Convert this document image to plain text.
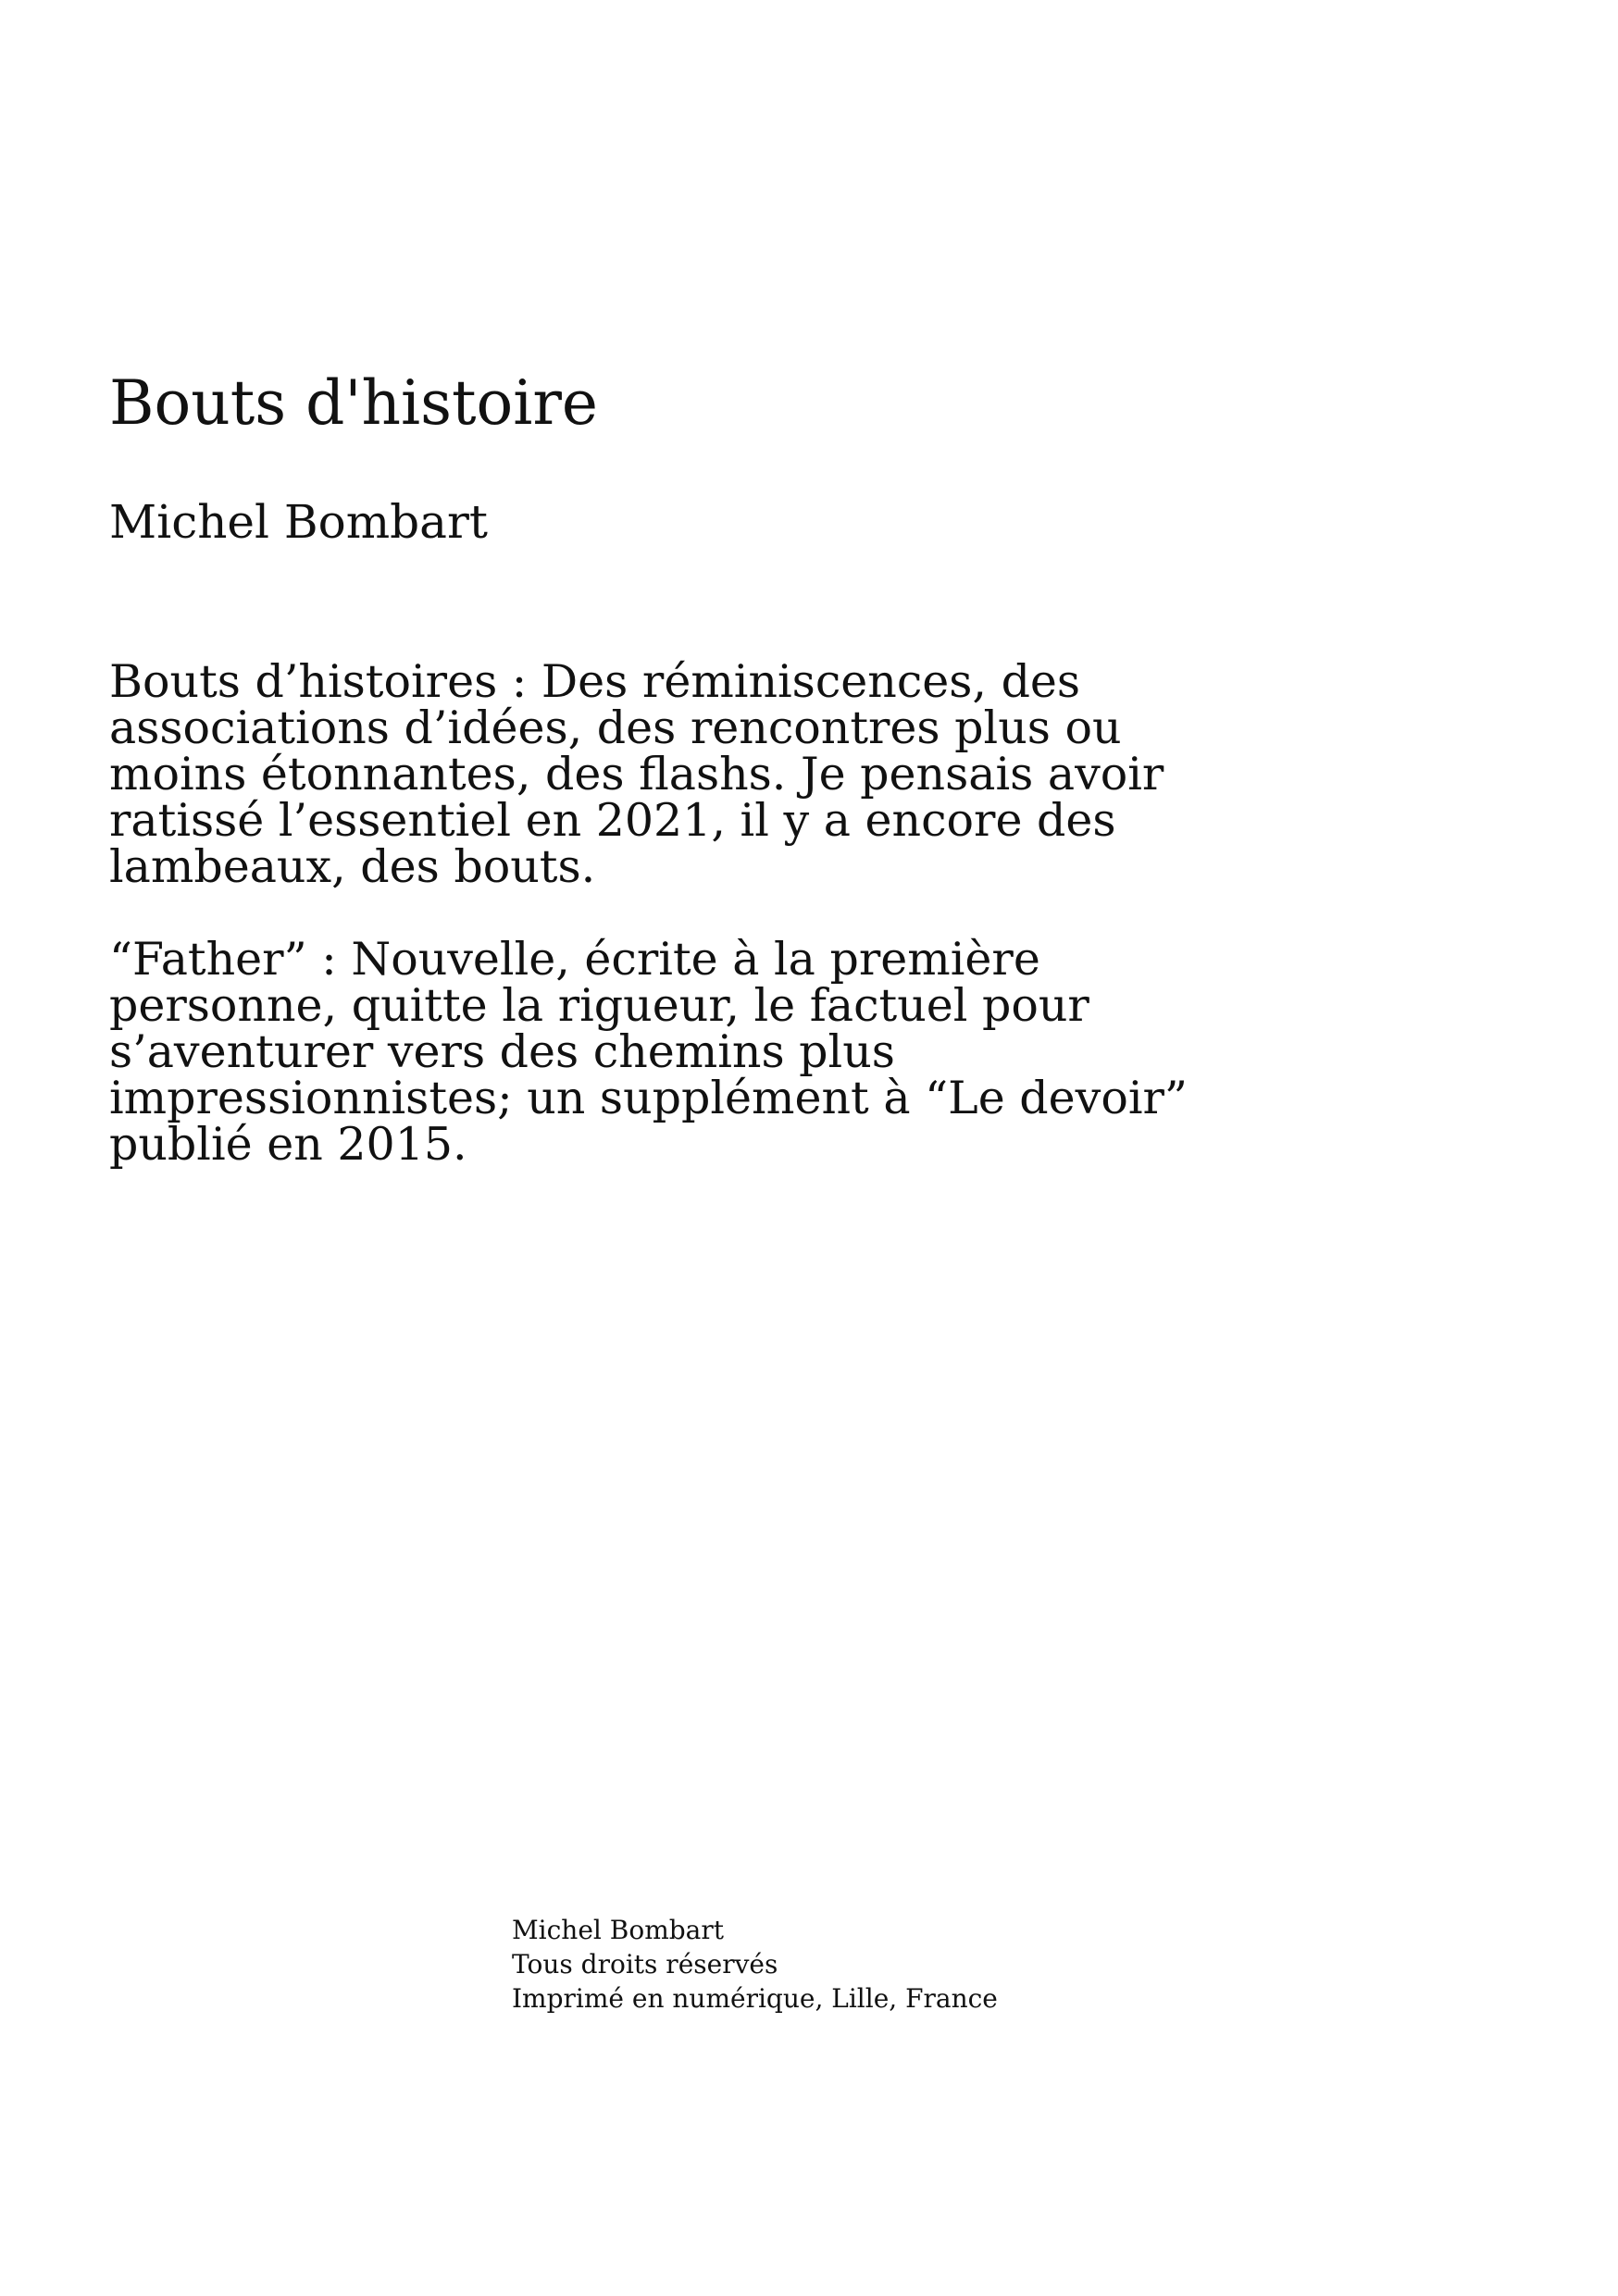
Bouts d'histoire
Michel Bombart

Bouts d’histoires : Des réminiscences, des associations d’idées, des rencontres plus ou moins étonnantes, des flashs. Je pensais avoir ratissé l’essentiel en 2021, il y a encore des lambeaux, des bouts.

“Father” : Nouvelle, écrite à la première personne, quitte la rigueur, le factuel pour s’aventurer vers des chemins plus impressionnistes; un supplément à “Le devoir” publié en 2015.

Michel Bombart
Tous droits réservés
Imprimé en numérique, Lille, France
